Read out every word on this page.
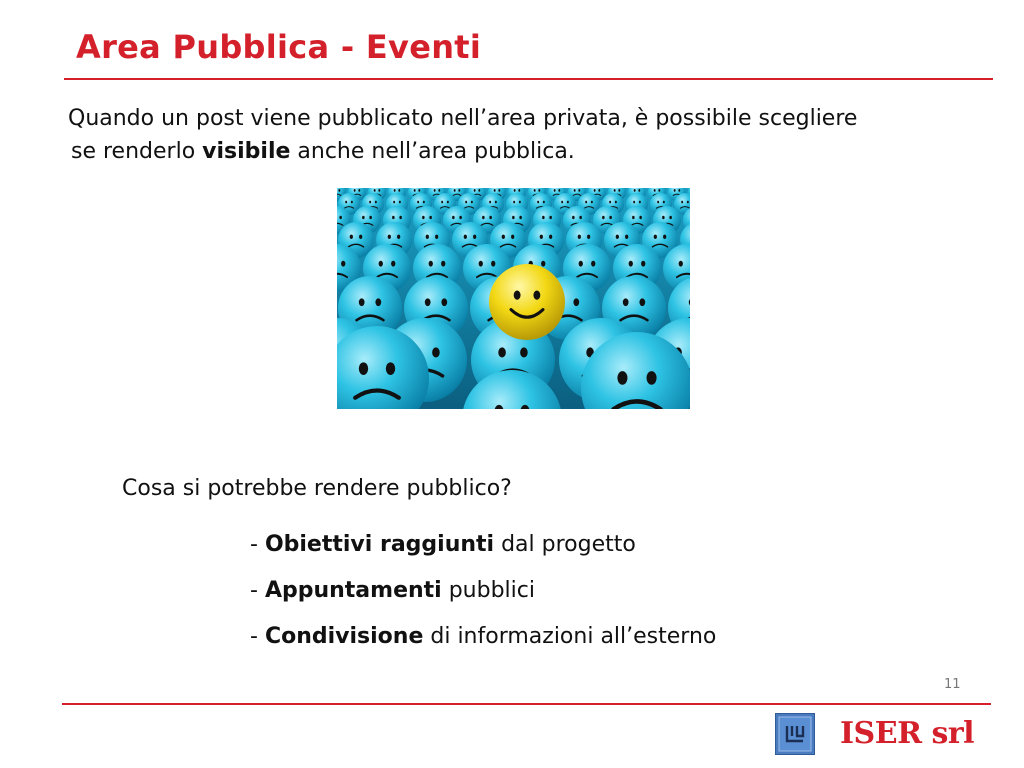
Area Pubblica - Eventi

Quando un post viene pubblicato nell’area privata, è possibile scegliere
se renderlo visibile anche nell’area pubblica.

Cosa si potrebbe rendere pubblico?

- Obiettivi raggiunti dal progetto
- Appuntamenti pubblici
- Condivisione di informazioni all’esterno
11
ISER srl
